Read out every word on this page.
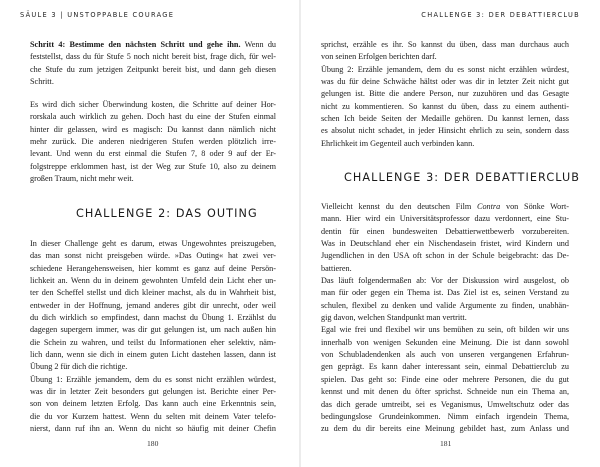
SÄULE 3 | UNSTOPPABLE COURAGE
Schritt 4: Bestimme den nächsten Schritt und gehe ihn. Wenn du
feststellst, dass du für Stufe 5 noch nicht bereit bist, frage dich, für wel-
che Stufe du zum jetzigen Zeitpunkt bereit bist, und dann geh diesen
Schritt.
Es wird dich sicher Überwindung kosten, die Schritte auf deiner Hor-
rorskala auch wirklich zu gehen. Doch hast du eine der Stufen einmal
hinter dir gelassen, wird es magisch: Du kannst dann nämlich nicht
mehr zurück. Die anderen niedrigeren Stufen werden plötzlich irre-
levant. Und wenn du erst einmal die Stufen 7, 8 oder 9 auf der Er-
folgstreppe erklommen hast, ist der Weg zur Stufe 10, also zu deinem
großen Traum, nicht mehr weit.
CHALLENGE 2: DAS OUTING
In dieser Challenge geht es darum, etwas Ungewohntes preiszugeben,
das man sonst nicht preisgeben würde. »Das Outing« hat zwei ver-
schiedene Herangehensweisen, hier kommt es ganz auf deine Persön-
lichkeit an. Wenn du in deinem gewohnten Umfeld dein Licht eher un-
ter den Scheffel stellst und dich kleiner machst, als du in Wahrheit bist,
entweder in der Hoffnung, jemand anderes gibt dir unrecht, oder weil
du dich wirklich so empfindest, dann machst du Übung 1. Erzählst du
dagegen supergern immer, was dir gut gelungen ist, um nach außen hin
die Schein zu wahren, und teilst du Informationen eher selektiv, näm-
lich dann, wenn sie dich in einem guten Licht dastehen lassen, dann ist
Übung 2 für dich die richtige.
Übung 1: Erzähle jemandem, dem du es sonst nicht erzählen würdest,
was dir in letzter Zeit besonders gut gelungen ist. Berichte einer Per-
son von deinem letzten Erfolg. Das kann auch eine Erkenntnis sein,
die du vor Kurzem hattest. Wenn du selten mit deinem Vater telefo-
nierst, dann ruf ihn an. Wenn du nicht so häufig mit deiner Chefin
180
CHALLENGE 3: DER DEBATTIERCLUB
sprichst, erzähle es ihr. So kannst du üben, dass man durchaus auch
von seinen Erfolgen berichten darf.
Übung 2: Erzähle jemandem, dem du es sonst nicht erzählen würdest,
was du für deine Schwäche hältst oder was dir in letzter Zeit nicht gut
gelungen ist. Bitte die andere Person, nur zuzuhören und das Gesagte
nicht zu kommentieren. So kannst du üben, dass zu einem authenti-
schen Ich beide Seiten der Medaille gehören. Du kannst lernen, dass
es absolut nicht schadet, in jeder Hinsicht ehrlich zu sein, sondern dass
Ehrlichkeit im Gegenteil auch verbinden kann.
CHALLENGE 3: DER DEBATTIERCLUB
Vielleicht kennst du den deutschen Film Contra von Sönke Wort-
mann. Hier wird ein Universitätsprofessor dazu verdonnert, eine Stu-
dentin für einen bundesweiten Debattierwettbewerb vorzubereiten.
Was in Deutschland eher ein Nischendasein fristet, wird Kindern und
Jugendlichen in den USA oft schon in der Schule beigebracht: das De-
battieren.
Das läuft folgendermaßen ab: Vor der Diskussion wird ausgelost, ob
man für oder gegen ein Thema ist. Das Ziel ist es, seinen Verstand zu
schulen, flexibel zu denken und valide Argumente zu finden, unabhän-
gig davon, welchen Standpunkt man vertritt.
Egal wie frei und flexibel wir uns bemühen zu sein, oft bilden wir uns
innerhalb von wenigen Sekunden eine Meinung. Die ist dann sowohl
von Schubladendenken als auch von unseren vergangenen Erfahrun-
gen geprägt. Es kann daher interessant sein, einmal Debattierclub zu
spielen. Das geht so: Finde eine oder mehrere Personen, die du gut
kennst und mit denen du öfter sprichst. Schneide nun ein Thema an,
das dich gerade umtreibt, sei es Veganismus, Umweltschutz oder das
bedingungslose Grundeinkommen. Nimm einfach irgendein Thema,
zu dem du dir bereits eine Meinung gebildet hast, zum Anlass und
181
